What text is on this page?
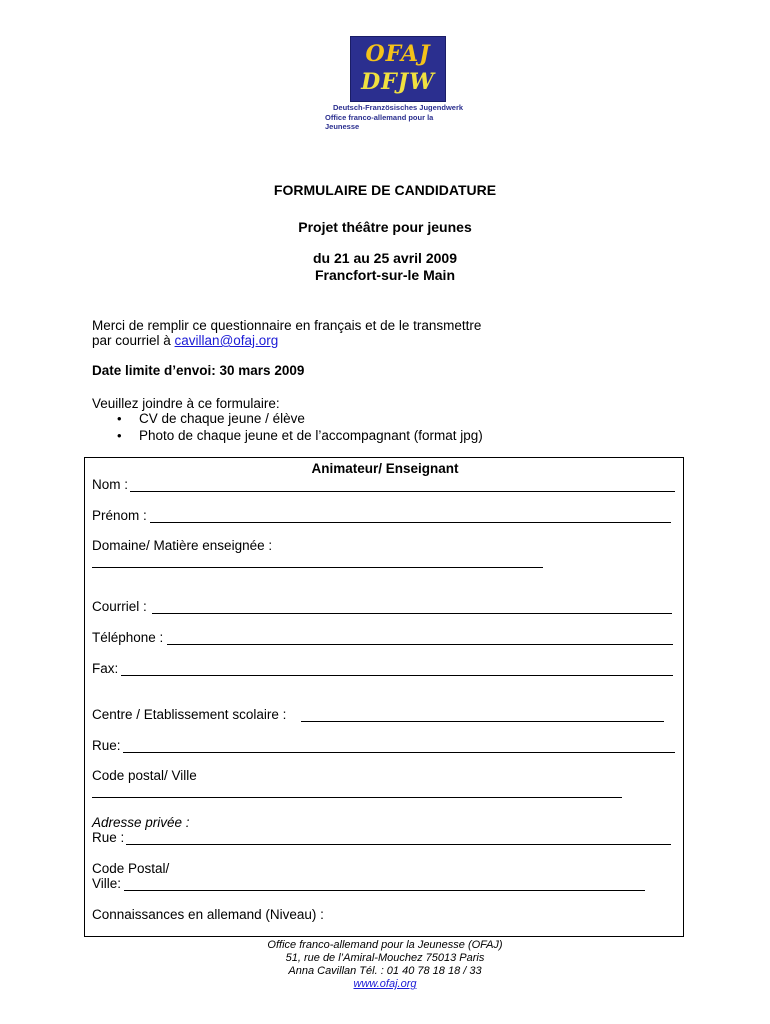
OFAJ
DFJW
Deutsch-Französisches Jugendwerk
Office franco-allemand pour la Jeunesse
FORMULAIRE DE CANDIDATURE
Projet théâtre pour jeunes
du 21 au 25 avril 2009
Francfort-sur-le Main
Merci de remplir ce questionnaire en français et de le transmettre
par courriel à cavillan@ofaj.org
Date limite d’envoi: 30 mars 2009
Veuillez joindre à ce formulaire:
• CV de chaque jeune / élève
• Photo de chaque jeune et de l’accompagnant (format jpg)
Animateur/ Enseignant
Nom :
Prénom :
Domaine/ Matière enseignée :
Courriel :
Téléphone :
Fax:
Centre / Etablissement scolaire :
Rue:
Code postal/ Ville
Adresse privée :
Rue :
Code Postal/
Ville:
Connaissances en allemand (Niveau) :
Office franco-allemand pour la Jeunesse (OFAJ)
51, rue de l’Amiral-Mouchez 75013 Paris
Anna Cavillan Tél. : 01 40 78 18 18 / 33
www.ofaj.org
